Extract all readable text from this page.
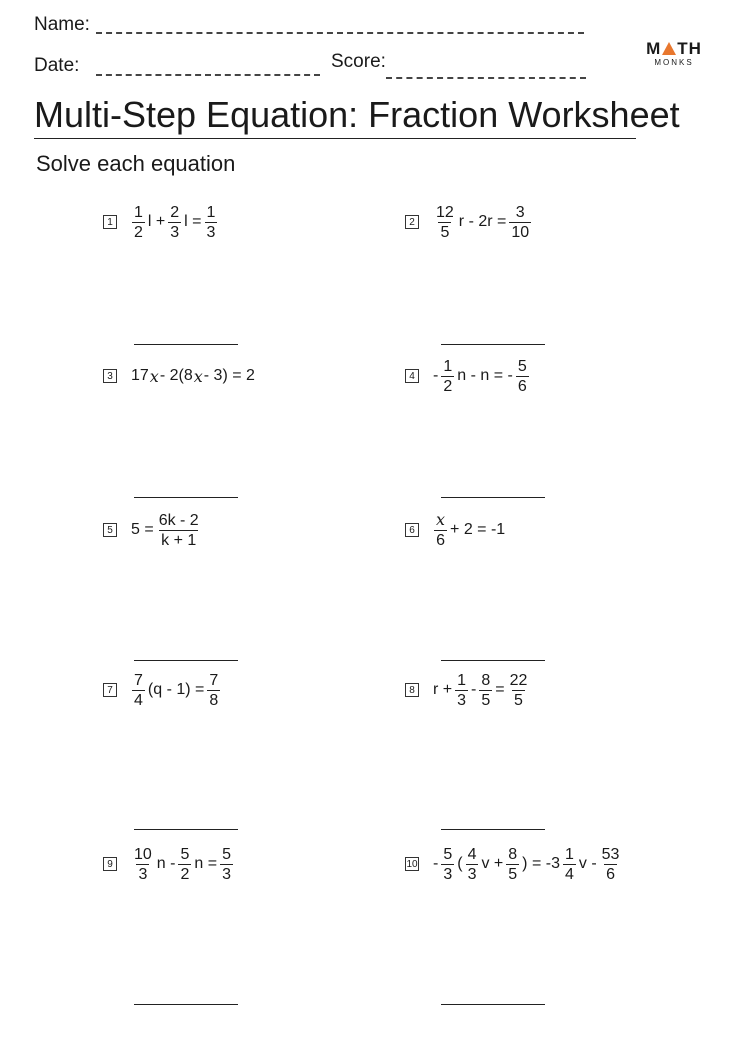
Name:
Date:	Score:
M TH
MONKS
Multi-Step Equation: Fraction Worksheet
Solve each equation
$1 \frac{1}{2}$ $l + \frac{2}{3}$ $l = \frac{1}{3}$	$2 \frac{12}{5}$ $r - 2r = \frac{3}{10}$
3 17 x - 2(8 x - 3) = 2	$4 - \frac{1}{2}$ n - n = - $\frac{5}{6}$
5 $5 = \frac{6k - 2}{k + 1}$	$6 \frac{x}{6} + 2 = -1$
$7 \frac{7}{4} (q - 1) = \frac{7}{8}$	8 $r + \frac{1}{3} - \frac{8}{5} = \frac{22}{5}$
$9 \frac{10}{3}$ n - $\frac{5}{2}$ $n = \frac{5}{3}$	$10 - \frac{5}{3}$ ( $\frac{4}{3}$ $v + \frac{8}{5}$ ) = $-3 \frac{1}{4}$ v - $\frac{53}{6}$
